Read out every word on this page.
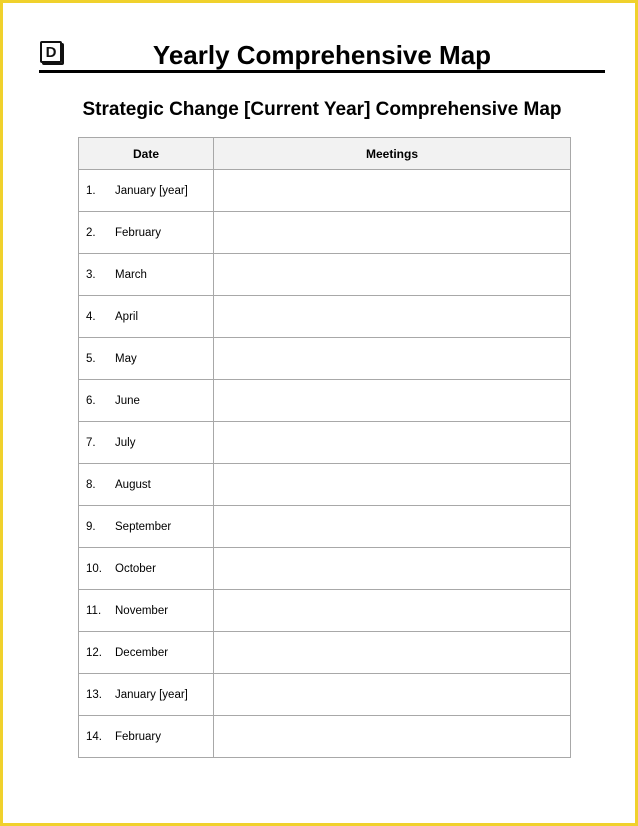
D	Yearly Comprehensive Map
Strategic Change [Current Year] Comprehensive Map
Date	Meetings
1. January [year]	
2. February	
3. March	
4. April	
5. May	
6. June	
7. July	
8. August	
9. September	
10. October	
11. November	
12. December	
13. January [year]	
14. February	
